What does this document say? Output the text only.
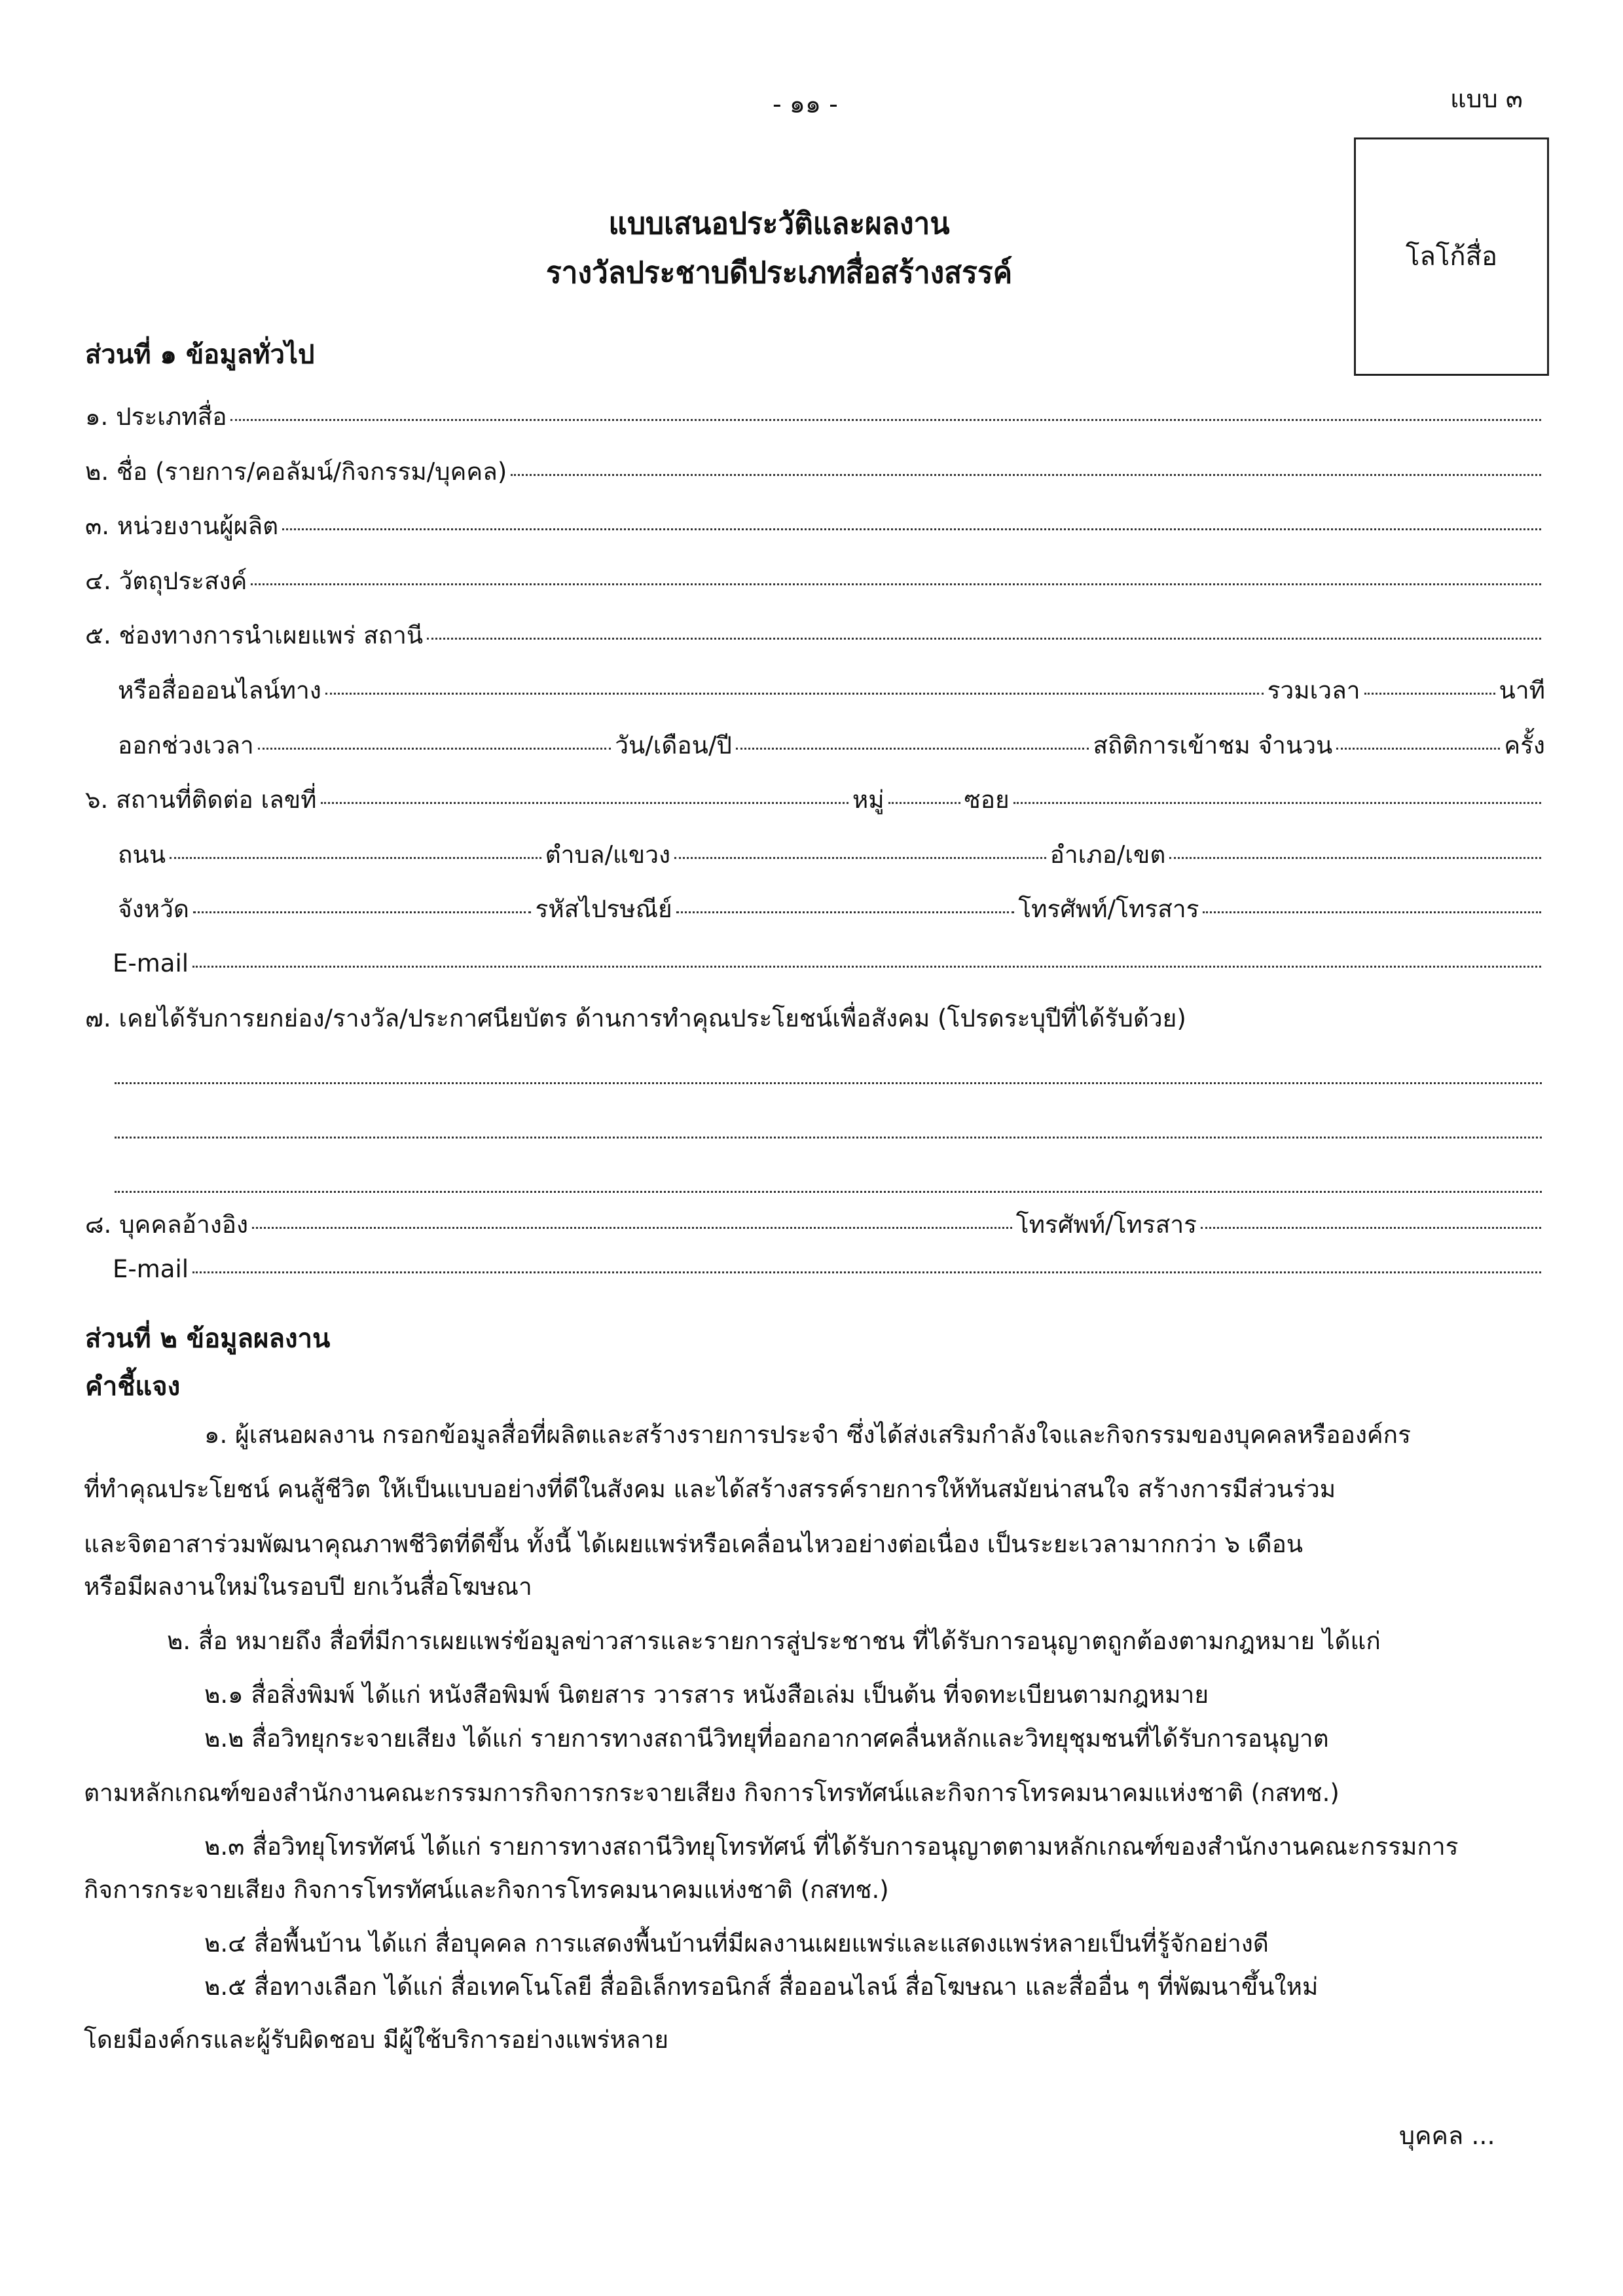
- ๑๑ -	แบบ ๓
โลโก้สื่อ
แบบเสนอประวัติและผลงาน
รางวัลประชาบดีประเภทสื่อสร้างสรรค์
ส่วนที่ ๑ ข้อมูลทั่วไป
๑. ประเภทสื่อ
๒. ชื่อ (รายการ/คอลัมน์/กิจกรรม/บุคคล)
๓. หน่วยงานผู้ผลิต
๔. วัตถุประสงค์
๕. ช่องทางการนำเผยแพร่ สถานี
หรือสื่อออนไลน์ทาง	รวมเวลา	นาที
ออกช่วงเวลา	วัน/เดือน/ปี	สถิติการเข้าชม จำนวน	ครั้ง
๖. สถานที่ติดต่อ เลขที่	หมู่	ซอย
ถนน	ตำบล/แขวง	อำเภอ/เขต
จังหวัด	รหัสไปรษณีย์	โทรศัพท์/โทรสาร
E-mail
๗. เคยได้รับการยกย่อง/รางวัล/ประกาศนียบัตร ด้านการทำคุณประโยชน์เพื่อสังคม (โปรดระบุปีที่ได้รับด้วย)
๘. บุคคลอ้างอิง	โทรศัพท์/โทรสาร
E-mail
ส่วนที่ ๒ ข้อมูลผลงาน
คำชี้แจง
๑. ผู้เสนอผลงาน กรอกข้อมูลสื่อที่ผลิตและสร้างรายการประจำ ซึ่งได้ส่งเสริมกำลังใจและกิจกรรมของบุคคลหรือองค์กร
ที่ทำคุณประโยชน์ คนสู้ชีวิต ให้เป็นแบบอย่างที่ดีในสังคม และได้สร้างสรรค์รายการให้ทันสมัยน่าสนใจ สร้างการมีส่วนร่วม
และจิตอาสาร่วมพัฒนาคุณภาพชีวิตที่ดีขึ้น ทั้งนี้ ได้เผยแพร่หรือเคลื่อนไหวอย่างต่อเนื่อง เป็นระยะเวลามากกว่า ๖ เดือน
หรือมีผลงานใหม่ในรอบปี ยกเว้นสื่อโฆษณา
๒. สื่อ หมายถึง สื่อที่มีการเผยแพร่ข้อมูลข่าวสารและรายการสู่ประชาชน ที่ได้รับการอนุญาตถูกต้องตามกฎหมาย ได้แก่
๒.๑ สื่อสิ่งพิมพ์ ได้แก่ หนังสือพิมพ์ นิตยสาร วารสาร หนังสือเล่ม เป็นต้น ที่จดทะเบียนตามกฎหมาย
๒.๒ สื่อวิทยุกระจายเสียง ได้แก่ รายการทางสถานีวิทยุที่ออกอากาศคลื่นหลักและวิทยุชุมชนที่ได้รับการอนุญาต
ตามหลักเกณฑ์ของสำนักงานคณะกรรมการกิจการกระจายเสียง กิจการโทรทัศน์และกิจการโทรคมนาคมแห่งชาติ (กสทช.)
๒.๓ สื่อวิทยุโทรทัศน์ ได้แก่ รายการทางสถานีวิทยุโทรทัศน์ ที่ได้รับการอนุญาตตามหลักเกณฑ์ของสำนักงานคณะกรรมการ
กิจการกระจายเสียง กิจการโทรทัศน์และกิจการโทรคมนาคมแห่งชาติ (กสทช.)
๒.๔ สื่อพื้นบ้าน ได้แก่ สื่อบุคคล การแสดงพื้นบ้านที่มีผลงานเผยแพร่และแสดงแพร่หลายเป็นที่รู้จักอย่างดี
๒.๕ สื่อทางเลือก ได้แก่ สื่อเทคโนโลยี สื่ออิเล็กทรอนิกส์ สื่อออนไลน์ สื่อโฆษณา และสื่ออื่น ๆ ที่พัฒนาขึ้นใหม่
โดยมีองค์กรและผู้รับผิดชอบ มีผู้ใช้บริการอย่างแพร่หลาย
บุคคล ...
